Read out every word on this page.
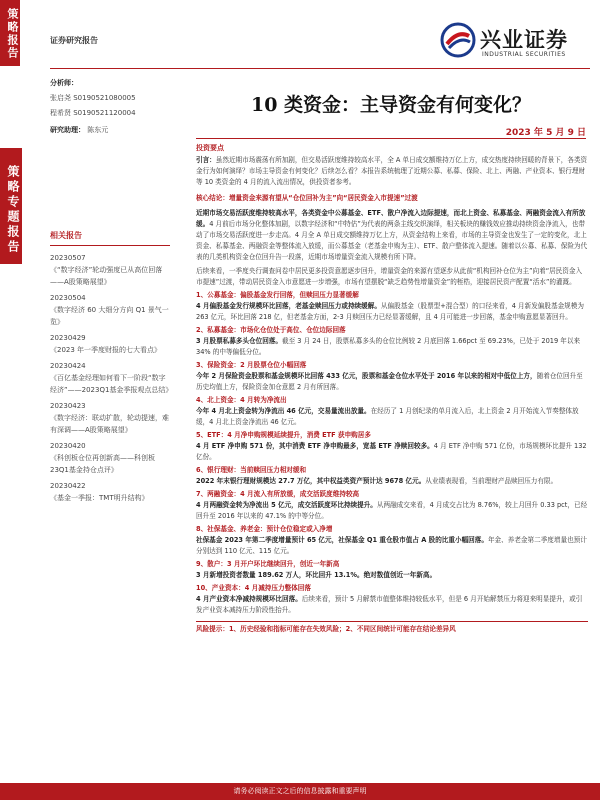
策略报告
策略专题报告
证券研究报告	兴业证券
INDUSTRIAL SECURITIES
分析师：
张启尧 S0190521080005
程希贤 S0190521120004
研究助理： 陈东元
相关报告
20230507
《“数字经济”轮动强度已从高位回落——A股策略展望》
20230504
《数字经济 60 大细分方向 Q1 景气一览》
20230429
《2023 年一季度财报的七大看点》
20230424
《百亿基金经理如何看下一阶段“数字经济”——2023Q1基金季报观点总结》
20230423
《数字经济：联动扩散，轮动提速，难有深调——A股策略展望》
20230420
《科创板仓位再创新高——科创板23Q1基金持仓点评》
20230422
《基金一季报：TMT明升结构》
10 类资金：主导资金有何变化？
2023 年 5 月 9 日
投资要点

引言：虽然近期市场震荡有所加剧，但交易活跃度维持较高水平，全 A 单日成交额维持万亿上方，成交热度持续回暖的背景下，各类资金行为如何演绎？市场主导资金有何变化？后续怎么看？本报告系统梳理了近期公募、私募、保险、北上、两融、产业资本、银行理财等 10 类资金的 4 月的流入流出情况，供投资者参考。

核心结论：增量资金来源有望从“仓位回补为主”向“居民资金入市提速”过渡

近期市场交易活跃度维持较高水平，各类资金中公募基金、ETF、散户净流入边际提速，而北上资金、私募基金、两融资金流入有所放缓。4 月前后市场分化整体加剧，以数字经济和“中特估”为代表的两条主线交织演绎，相关板块的赚钱效应推动持续资金净流入，也带动了市场交易活跃度进一步走高。4 月全 A 单日成交额维持万亿上方，从资金结构上来看，市场的主导资金也发生了一定的变化，北上资金、私募基金、两融资金等整体流入放缓，而公募基金（老基金申购为主）、ETF、散户整体流入提速。随着以公募、私募、保险为代表的几类机构资金仓位回升告一段落，近期市场增量资金流入规模有所下降。

后续来看，一季度央行调查问卷中居民更多投资意愿逐步回升，增量资金的来源有望逐步从此前“机构回补仓位为主”向着“居民资金入市提速”过渡，带动居民资金入市意愿进一步增强，市场有望摆脱“缺乏趋势性增量资金”的桎梏，迎接居民资产配置“活水”的灌溉。

1、公募基金：偏股基金发行回落，但赎回压力显著缓解

4 月偏股基金发行规模环比回落，老基金赎回压力或持续缓解。从偏股基金（股票型+混合型）的口径来看，4 月新发偏股基金规模为 263 亿元，环比回落 218 亿，但老基金方面，2-3 月赎回压力已经显著缓解，且 4 月可能进一步回落，基金申购意愿显著回升。

2、私募基金：市场化仓位处于高位、仓位边际回落

3 月股票私募多头仓位回落。截至 3 月 24 日，股票私募多头的仓位比例较 2 月底回落 1.66pct 至 69.23%，已处于 2019 年以来 34% 的中等偏低分位。

3、保险资金：2 月股票仓位小幅回落

今年 2 月保险资金股票和基金规模环比回落 433 亿元，股票和基金仓位水平处于 2016 年以来的相对中低位上方，随着仓位回升至历史均值上方，保险资金加仓意愿 2 月有所回落。

4、北上资金：4 月转为净流出

今年 4 月北上资金转为净流出 46 亿元，交易量流出放量。在经历了 1 月创纪录的单月流入后，北上资金 2 月开始流入节奏整体放缓，4 月北上资金净流出 46 亿元。

5、ETF：4 月净申购规模延续提升，消费 ETF 获申购居多

4 月 ETF 净申购 571 份，其中消费 ETF 净申购最多，宽基 ETF 净赎回较多。4 月 ETF 净申购 571 亿份，市场规模环比提升 132 亿份。

6、银行理财：当前赎回压力相对缓和

2022 年末银行理财规模达 27.7 万亿，其中权益类资产预计达 9678 亿元。从业绩表现看，当前理财产品赎回压力有限。

7、两融资金：4 月流入有所放缓，成交活跃度维持较高

4 月两融资金转为净流出 5 亿元，成交活跃度环比持续提升。从两融成交来看，4 月成交占比为 8.76%，较上月回升 0.33 pct，已经回升至 2016 年以来的 47.1% 的中等分位。

8、社保基金、养老金：预计仓位稳定或入净增

社保基金 2023 年第二季度增量预计 65 亿元，社保基金 Q1 重仓股市值占 A 股的比重小幅回落。年金、养老金第二季度增量也预计分别达到 110 亿元、115 亿元。

9、散户：3 月开户环比继续回升，创近一年新高

3 月新增投资者数量 189.62 万人，环比回升 13.1%。绝对数值创近一年新高。

10、产业资本：4 月减持压力整体回落

4 月产业资本净减持规模环比回落。后续来看，预计 5 月解禁市值整体维持较低水平，但是 6 月开始解禁压力将迎来明显提升，或引发产业资本减持压力阶段性抬升。

风险提示：1、历史经验和指标可能存在失效风险；2、不同区间统计可能存在结论差异风
请务必阅读正文之后的信息披露和重要声明
